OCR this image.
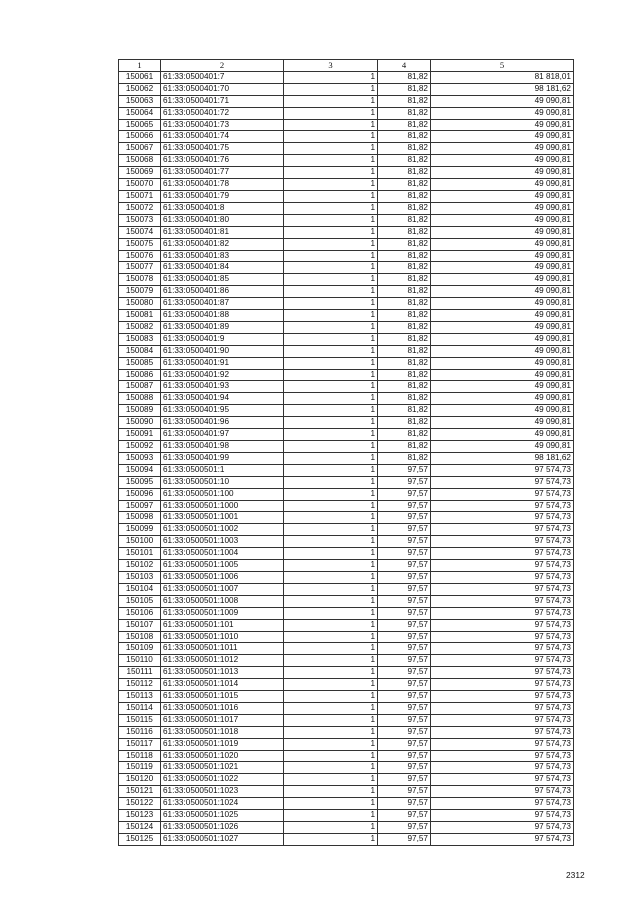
1	2	3	4	5
150061	61:33:0500401:7	1	81,82	81 818,01
150062	61:33:0500401:70	1	81,82	98 181,62
150063	61:33:0500401:71	1	81,82	49 090,81
150064	61:33:0500401:72	1	81,82	49 090,81
150065	61:33:0500401:73	1	81,82	49 090,81
150066	61:33:0500401:74	1	81,82	49 090,81
150067	61:33:0500401:75	1	81,82	49 090,81
150068	61:33:0500401:76	1	81,82	49 090,81
150069	61:33:0500401:77	1	81,82	49 090,81
150070	61:33:0500401:78	1	81,82	49 090,81
150071	61:33:0500401:79	1	81,82	49 090,81
150072	61:33:0500401:8	1	81,82	49 090,81
150073	61:33:0500401:80	1	81,82	49 090,81
150074	61:33:0500401:81	1	81,82	49 090,81
150075	61:33:0500401:82	1	81,82	49 090,81
150076	61:33:0500401:83	1	81,82	49 090,81
150077	61:33:0500401:84	1	81,82	49 090,81
150078	61:33:0500401:85	1	81,82	49 090,81
150079	61:33:0500401:86	1	81,82	49 090,81
150080	61:33:0500401:87	1	81,82	49 090,81
150081	61:33:0500401:88	1	81,82	49 090,81
150082	61:33:0500401:89	1	81,82	49 090,81
150083	61:33:0500401:9	1	81,82	49 090,81
150084	61:33:0500401:90	1	81,82	49 090,81
150085	61:33:0500401:91	1	81,82	49 090,81
150086	61:33:0500401:92	1	81,82	49 090,81
150087	61:33:0500401:93	1	81,82	49 090,81
150088	61:33:0500401:94	1	81,82	49 090,81
150089	61:33:0500401:95	1	81,82	49 090,81
150090	61:33:0500401:96	1	81,82	49 090,81
150091	61:33:0500401:97	1	81,82	49 090,81
150092	61:33:0500401:98	1	81,82	49 090,81
150093	61:33:0500401:99	1	81,82	98 181,62
150094	61:33:0500501:1	1	97,57	97 574,73
150095	61:33:0500501:10	1	97,57	97 574,73
150096	61:33:0500501:100	1	97,57	97 574,73
150097	61:33:0500501:1000	1	97,57	97 574,73
150098	61:33:0500501:1001	1	97,57	97 574,73
150099	61:33:0500501:1002	1	97,57	97 574,73
150100	61:33:0500501:1003	1	97,57	97 574,73
150101	61:33:0500501:1004	1	97,57	97 574,73
150102	61:33:0500501:1005	1	97,57	97 574,73
150103	61:33:0500501:1006	1	97,57	97 574,73
150104	61:33:0500501:1007	1	97,57	97 574,73
150105	61:33:0500501:1008	1	97,57	97 574,73
150106	61:33:0500501:1009	1	97,57	97 574,73
150107	61:33:0500501:101	1	97,57	97 574,73
150108	61:33:0500501:1010	1	97,57	97 574,73
150109	61:33:0500501:1011	1	97,57	97 574,73
150110	61:33:0500501:1012	1	97,57	97 574,73
150111	61:33:0500501:1013	1	97,57	97 574,73
150112	61:33:0500501:1014	1	97,57	97 574,73
150113	61:33:0500501:1015	1	97,57	97 574,73
150114	61:33:0500501:1016	1	97,57	97 574,73
150115	61:33:0500501:1017	1	97,57	97 574,73
150116	61:33:0500501:1018	1	97,57	97 574,73
150117	61:33:0500501:1019	1	97,57	97 574,73
150118	61:33:0500501:1020	1	97,57	97 574,73
150119	61:33:0500501:1021	1	97,57	97 574,73
150120	61:33:0500501:1022	1	97,57	97 574,73
150121	61:33:0500501:1023	1	97,57	97 574,73
150122	61:33:0500501:1024	1	97,57	97 574,73
150123	61:33:0500501:1025	1	97,57	97 574,73
150124	61:33:0500501:1026	1	97,57	97 574,73
150125	61:33:0500501:1027	1	97,57	97 574,73
2312
